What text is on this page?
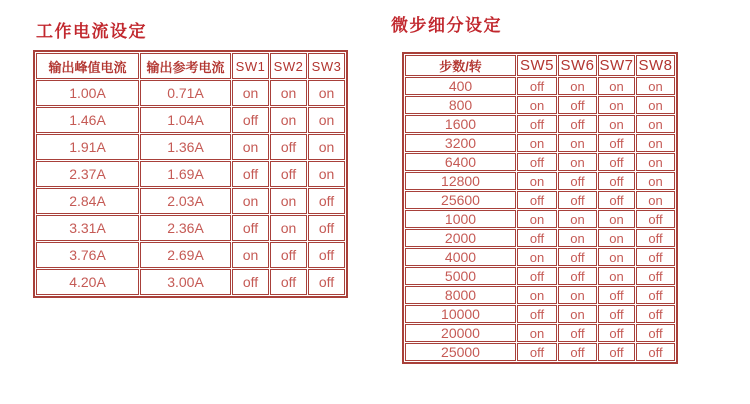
工作电流设定
输出峰值电流	输出参考电流	SW1	SW2	SW3
1.00A	0.71A	on	on	on
1.46A	1.04A	off	on	on
1.91A	1.36A	on	off	on
2.37A	1.69A	off	off	on
2.84A	2.03A	on	on	off
3.31A	2.36A	off	on	off
3.76A	2.69A	on	off	off
4.20A	3.00A	off	off	off
微步细分设定
步数/转	SW5	SW6	SW7	SW8
400	off	on	on	on
800	on	off	on	on
1600	off	off	on	on
3200	on	on	off	on
6400	off	on	off	on
12800	on	off	off	on
25600	off	off	off	on
1000	on	on	on	off
2000	off	on	on	off
4000	on	off	on	off
5000	off	off	on	off
8000	on	on	off	off
10000	off	on	off	off
20000	on	off	off	off
25000	off	off	off	off
